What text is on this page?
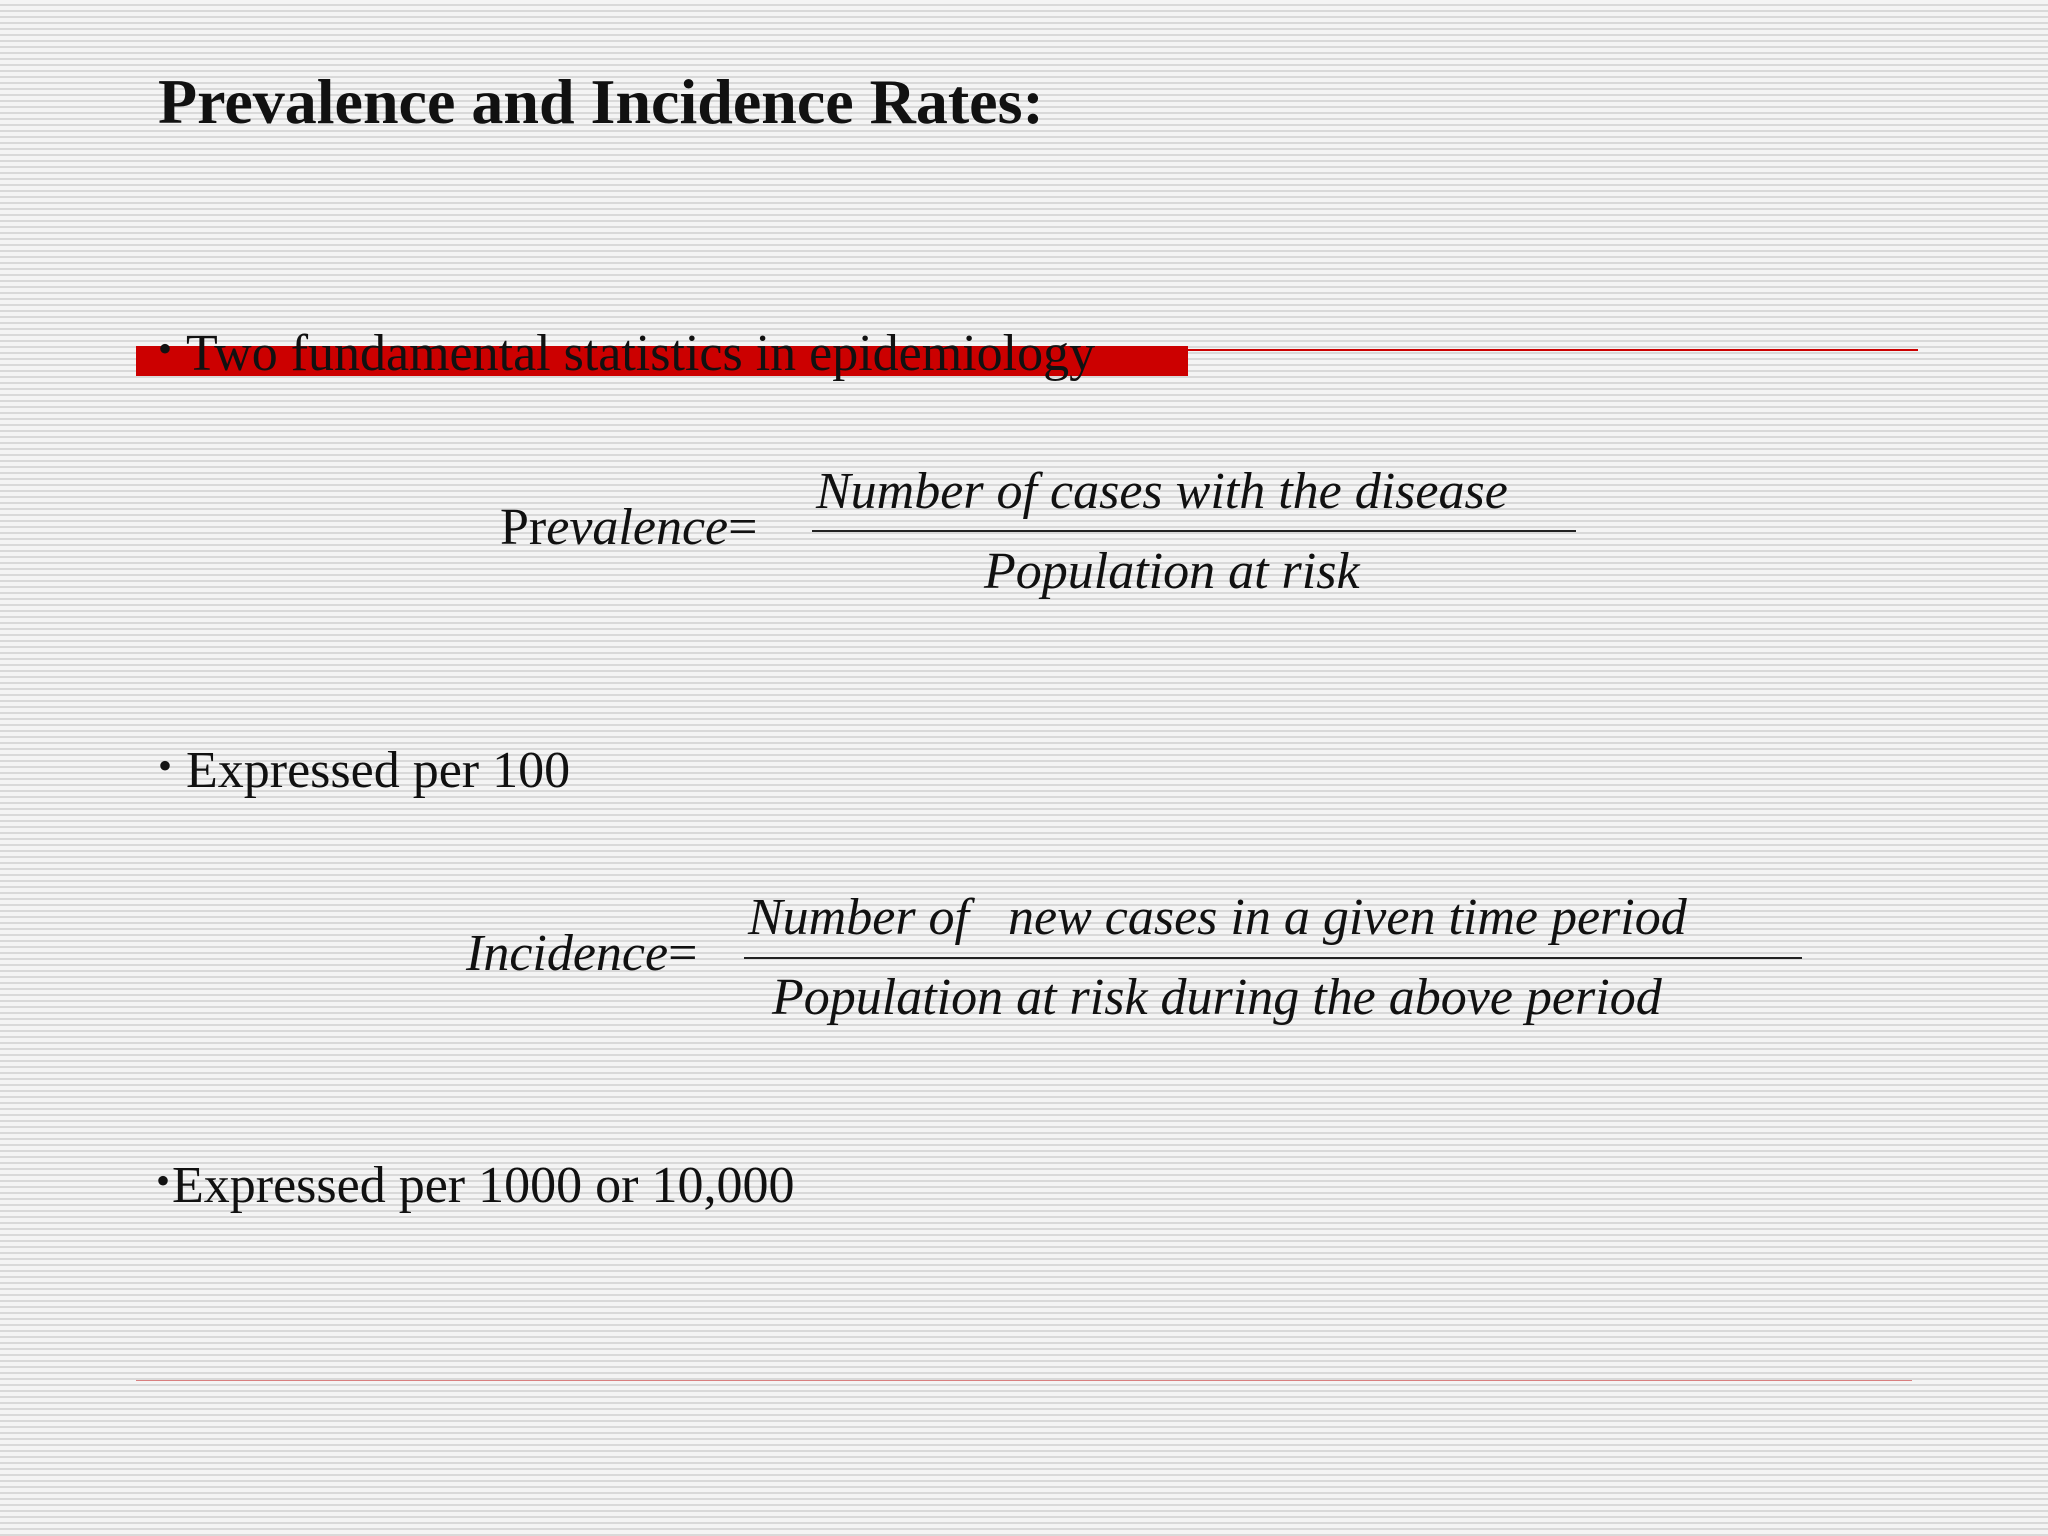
Prevalence and Incidence Rates:
• Two fundamental statistics in epidemiology
Prevalence=
Number of cases with the disease
Population at risk
• Expressed per 100
Incidence=
Number of   new cases in a given time period
Population at risk during the above period
•Expressed per 1000 or 10,000
